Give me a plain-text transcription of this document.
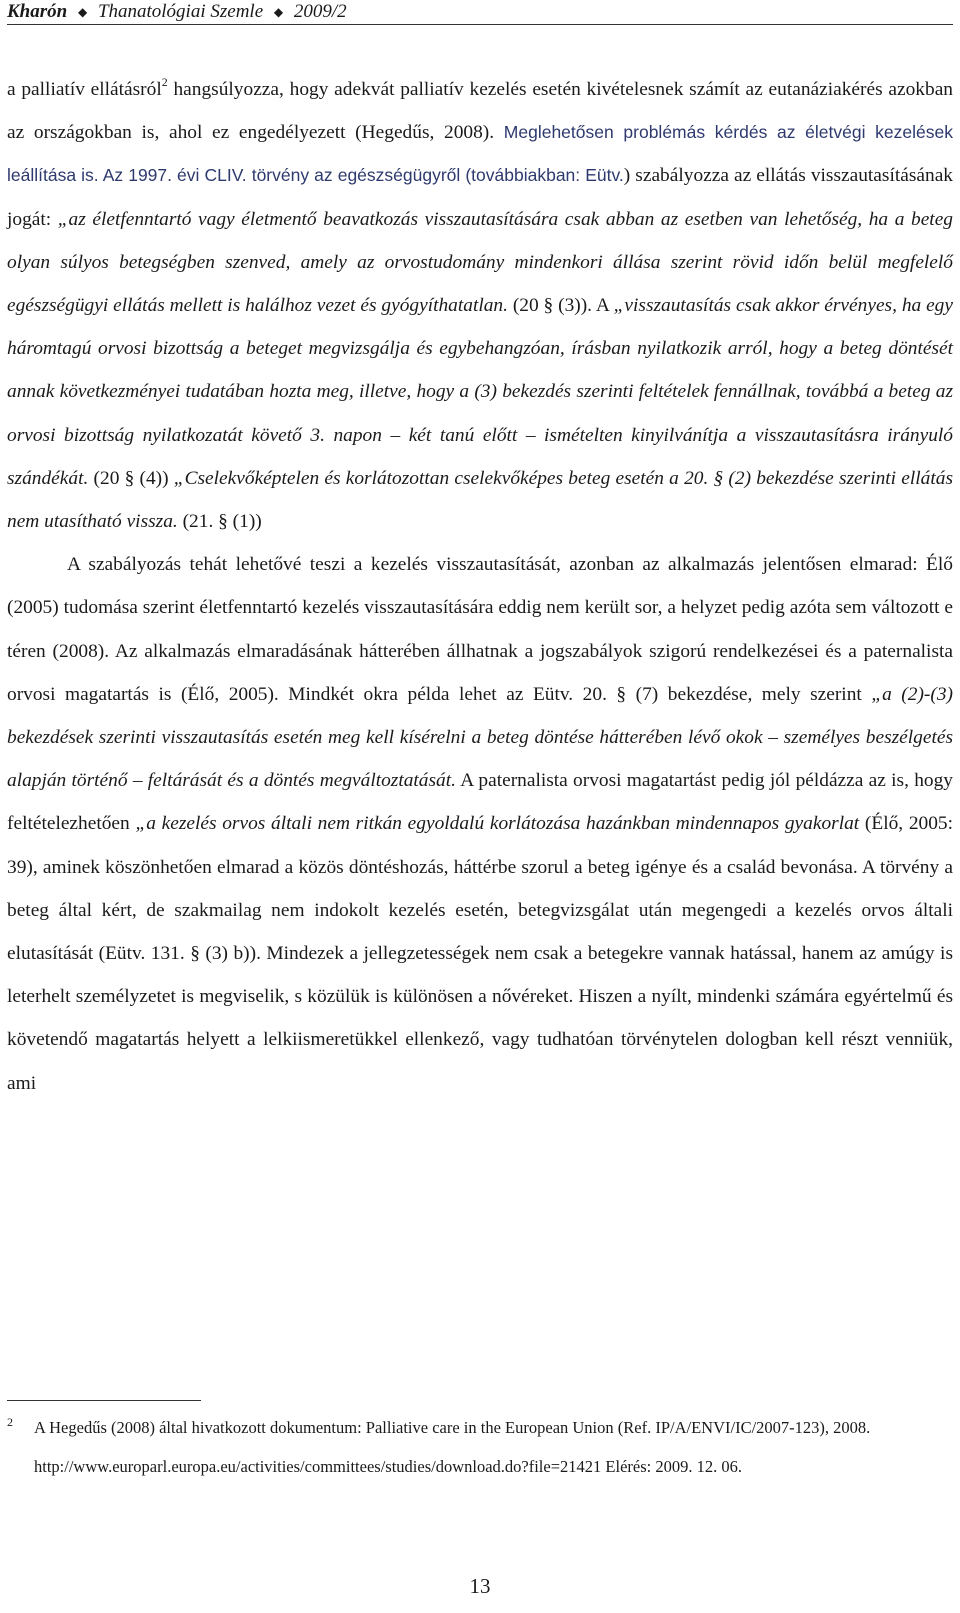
Kharón ◆ Thanatológiai Szemle ◆ 2009/2

a palliatív ellátásról$^2$ hangsúlyozza, hogy adekvát palliatív kezelés esetén kivételesnek számít az eutanáziakérés azokban az országokban is, ahol ez engedélyezett (Hegedűs, 2008). Meglehetősen problémás kérdés az életvégi kezelések leállítása is. Az 1997. évi CLIV. törvény az egészségügyről (továbbiakban: Eütv.) szabályozza az ellátás visszautasításának jogát: „az életfenntartó vagy életmentő beavatkozás visszautasítására csak abban az esetben van lehetőség, ha a beteg olyan súlyos betegségben szenved, amely az orvostudomány mindenkori állása szerint rövid időn belül megfelelő egészségügyi ellátás mellett is halálhoz vezet és gyógyíthatatlan. (20 § (3)). A „visszautasítás csak akkor érvényes, ha egy háromtagú orvosi bizottság a beteget megvizsgálja és egybehangzóan, írásban nyilatkozik arról, hogy a beteg döntését annak következményei tudatában hozta meg, illetve, hogy a (3) bekezdés szerinti feltételek fennállnak, továbbá a beteg az orvosi bizottság nyilatkozatát követő 3. napon – két tanú előtt – ismételten kinyilvánítja a visszautasításra irányuló szándékát. (20 § (4)) „Cselekvőképtelen és korlátozottan cselekvőképes beteg esetén a 20. § (2) bekezdése szerinti ellátás nem utasítható vissza. (21. § (1))

A szabályozás tehát lehetővé teszi a kezelés visszautasítását, azonban az alkalmazás jelentősen elmarad: Élő (2005) tudomása szerint életfenntartó kezelés visszautasítására eddig nem került sor, a helyzet pedig azóta sem változott e téren (2008). Az alkalmazás elmaradásának hátterében állhatnak a jogszabályok szigorú rendelkezései és a paternalista orvosi magatartás is (Élő, 2005). Mindkét okra példa lehet az Eütv. 20. § (7) bekezdése, mely szerint „a (2)-(3) bekezdések szerinti visszautasítás esetén meg kell kísérelni a beteg döntése hátterében lévő okok – személyes beszélgetés alapján történő – feltárását és a döntés megváltoztatását. A paternalista orvosi magatartást pedig jól példázza az is, hogy feltételezhetően „a kezelés orvos általi nem ritkán egyoldalú korlátozása hazánkban mindennapos gyakorlat (Élő, 2005: 39), aminek köszönhetően elmarad a közös döntéshozás, háttérbe szorul a beteg igénye és a család bevonása. A törvény a beteg által kért, de szakmailag nem indokolt kezelés esetén, betegvizsgálat után megengedi a kezelés orvos általi elutasítását (Eütv. 131. § (3) b)). Mindezek a jellegzetességek nem csak a betegekre vannak hatással, hanem az amúgy is leterhelt személyzetet is megviselik, s közülük is különösen a nővéreket. Hiszen a nyílt, mindenki számára egyértelmű és követendő magatartás helyett a lelkiismeretükkel ellenkező, vagy tudhatóan törvénytelen dologban kell részt venniük, ami

2	A Hegedűs (2008) által hivatkozott dokumentum: Palliative care in the European Union (Ref. IP/A/ENVI/IC/2007-123), 2008.
http://www.europarl.europa.eu/activities/committees/studies/download.do?file=21421 Elérés: 2009. 12. 06.
13
